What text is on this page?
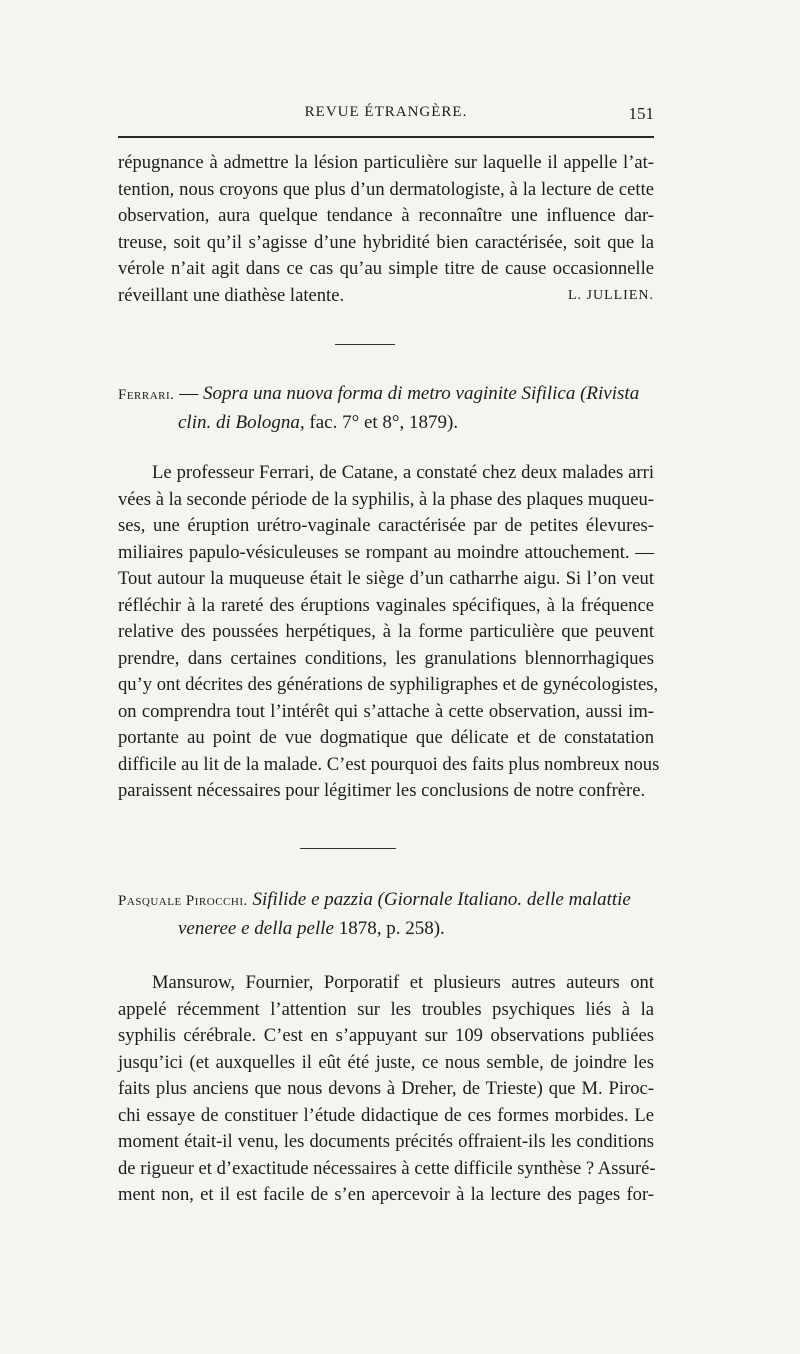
REVUE ÉTRANGÈRE.	151
répugnance à admettre la lésion particulière sur laquelle il appelle l’at-
tention, nous croyons que plus d’un dermatologiste, à la lecture de cette
observation, aura quelque tendance à reconnaître une influence dar-
treuse, soit qu’il s’agisse d’une hybridité bien caractérisée, soit que la
vérole n’ait agit dans ce cas qu’au simple titre de cause occasionnelle
réveillant une diathèse latente.	L. JULLIEN.
Ferrari. — Sopra una nuova forma di metro vaginite Sifilica (Rivista
clin. di Bologna, fac. 7° et 8°, 1879).
Le professeur Ferrari, de Catane, a constaté chez deux malades arri
vées à la seconde période de la syphilis, à la phase des plaques muqueu-
ses, une éruption urétro-vaginale caractérisée par de petites élevures-
miliaires papulo-vésiculeuses se rompant au moindre attouchement. —
Tout autour la muqueuse était le siège d’un catharrhe aigu. Si l’on veut
réfléchir à la rareté des éruptions vaginales spécifiques, à la fréquence
relative des poussées herpétiques, à la forme particulière que peuvent
prendre, dans certaines conditions, les granulations blennorrhagiques
qu’y ont décrites des générations de syphiligraphes et de gynécologistes,
on comprendra tout l’intérêt qui s’attache à cette observation, aussi im-
portante au point de vue dogmatique que délicate et de constatation
difficile au lit de la malade. C’est pourquoi des faits plus nombreux nous
paraissent nécessaires pour légitimer les conclusions de notre confrère.
Pasquale Pirocchi. Sifilide e pazzia (Giornale Italiano. delle malattie
veneree e della pelle 1878, p. 258).
Mansurow, Fournier, Porporatif et plusieurs autres auteurs ont
appelé récemment l’attention sur les troubles psychiques liés à la
syphilis cérébrale. C’est en s’appuyant sur 109 observations publiées
jusqu’ici (et auxquelles il eût été juste, ce nous semble, de joindre les
faits plus anciens que nous devons à Dreher, de Trieste) que M. Piroc-
chi essaye de constituer l’étude didactique de ces formes morbides. Le
moment était-il venu, les documents précités offraient-ils les conditions
de rigueur et d’exactitude nécessaires à cette difficile synthèse ? Assuré-
ment non, et il est facile de s’en apercevoir à la lecture des pages for-
